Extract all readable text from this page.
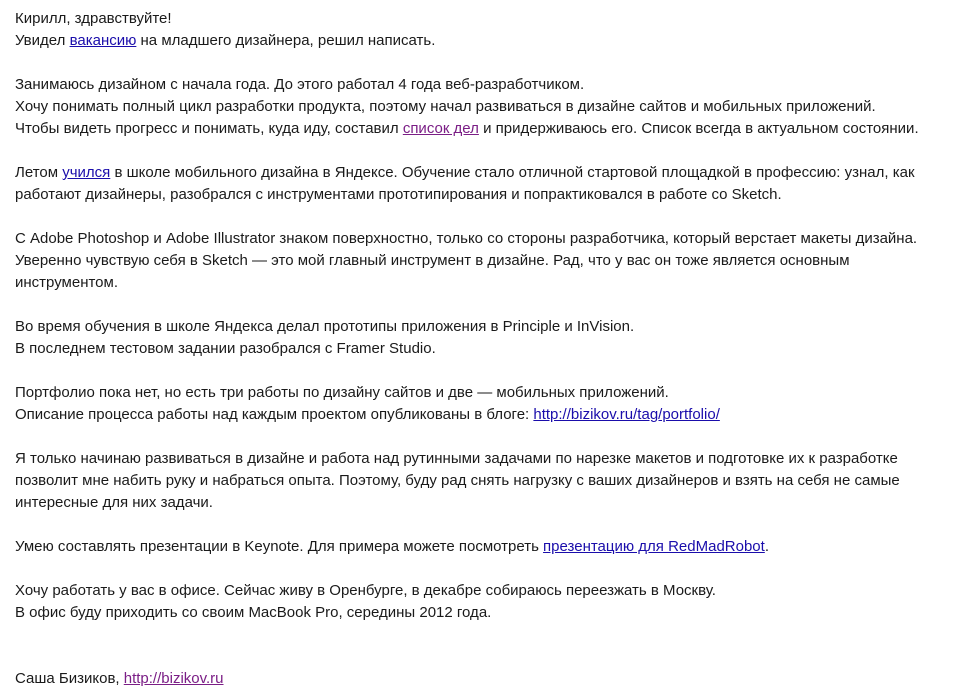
Кирилл, здравствуйте!
Увидел вакансию на младшего дизайнера, решил написать.
Занимаюсь дизайном с начала года. До этого работал 4 года веб-разработчиком.
Хочу понимать полный цикл разработки продукта, поэтому начал развиваться в дизайне сайтов и мобильных приложений.
Чтобы видеть прогресс и понимать, куда иду, составил список дел и придерживаюсь его. Список всегда в актуальном состоянии.
Летом учился в школе мобильного дизайна в Яндексе. Обучение стало отличной стартовой площадкой в профессию: узнал, как
работают дизайнеры, разобрался с инструментами прототипирования и попрактиковался в работе со Sketch.
С Adobe Photoshop и Adobe Illustrator знаком поверхностно, только со стороны разработчика, который верстает макеты дизайна.
Уверенно чувствую себя в Sketch — это мой главный инструмент в дизайне. Рад, что у вас он тоже является основным
инструментом.
Во время обучения в школе Яндекса делал прототипы приложения в Principle и InVision.
В последнем тестовом задании разобрался с Framer Studio.
Портфолио пока нет, но есть три работы по дизайну сайтов и две — мобильных приложений.
Описание процесса работы над каждым проектом опубликованы в блоге: http://bizikov.ru/tag/portfolio/
Я только начинаю развиваться в дизайне и работа над рутинными задачами по нарезке макетов и подготовке их к разработке
позволит мне набить руку и набраться опыта. Поэтому, буду рад снять нагрузку с ваших дизайнеров и взять на себя не самые
интересные для них задачи.
Умею составлять презентации в Keynote. Для примера можете посмотреть презентацию для RedMadRobot.
Хочу работать у вас в офисе. Сейчас живу в Оренбурге, в декабре собираюсь переезжать в Москву.
В офис буду приходить со своим MacBook Pro, середины 2012 года.
Саша Бизиков, http://bizikov.ru
